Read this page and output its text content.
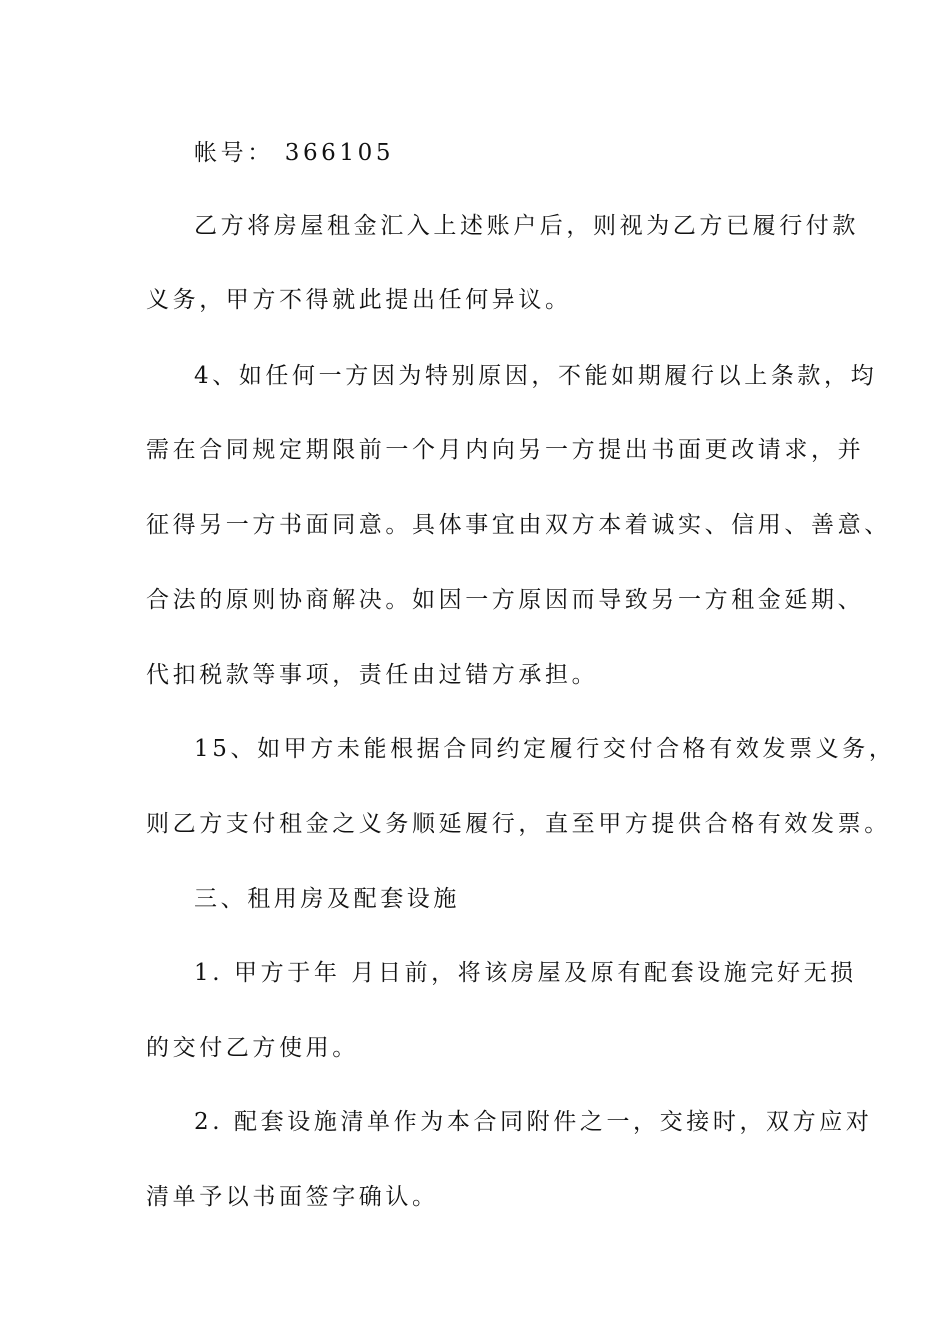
帐号： 366105
乙方将房屋租金汇入上述账户后，则视为乙方已履行付款
义务，甲方不得就此提出任何异议。
4、如任何一方因为特别原因，不能如期履行以上条款，均
需在合同规定期限前一个月内向另一方提出书面更改请求，并
征得另一方书面同意。具体事宜由双方本着诚实、信用、善意、
合法的原则协商解决。如因一方原因而导致另一方租金延期、
代扣税款等事项，责任由过错方承担。
15、如甲方未能根据合同约定履行交付合格有效发票义务，
则乙方支付租金之义务顺延履行，直至甲方提供合格有效发票。
三、租用房及配套设施
1. 甲方于年 月日前，将该房屋及原有配套设施完好无损
的交付乙方使用。
2. 配套设施清单作为本合同附件之一，交接时，双方应对
清单予以书面签字确认。
